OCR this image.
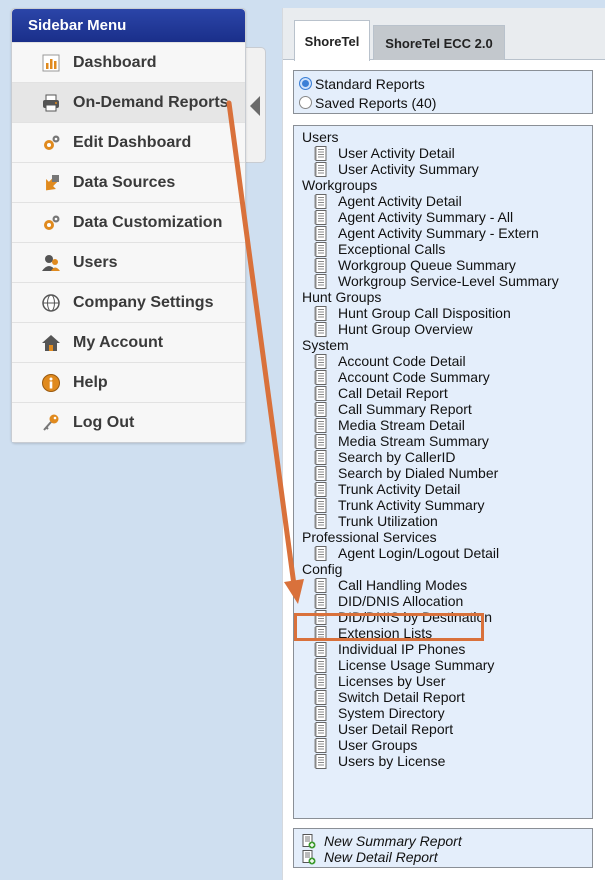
Sidebar Menu
Dashboard
On-Demand Reports
Edit Dashboard
Data Sources
Data Customization
Users
Company Settings
My Account
Help
Log Out
ShoreTel	ShoreTel ECC 2.0
Standard Reports
Saved Reports (40)
Users
User Activity Detail
User Activity Summary
Workgroups
Agent Activity Detail
Agent Activity Summary - All
Agent Activity Summary - Extern
Exceptional Calls
Workgroup Queue Summary
Workgroup Service-Level Summary
Hunt Groups
Hunt Group Call Disposition
Hunt Group Overview
System
Account Code Detail
Account Code Summary
Call Detail Report
Call Summary Report
Media Stream Detail
Media Stream Summary
Search by CallerID
Search by Dialed Number
Trunk Activity Detail
Trunk Activity Summary
Trunk Utilization
Professional Services
Agent Login/Logout Detail
Config
Call Handling Modes
DID/DNIS Allocation
DID/DNIS by Destination
Extension Lists
Individual IP Phones
License Usage Summary
Licenses by User
Switch Detail Report
System Directory
User Detail Report
User Groups
Users by License
New Summary Report
New Detail Report
